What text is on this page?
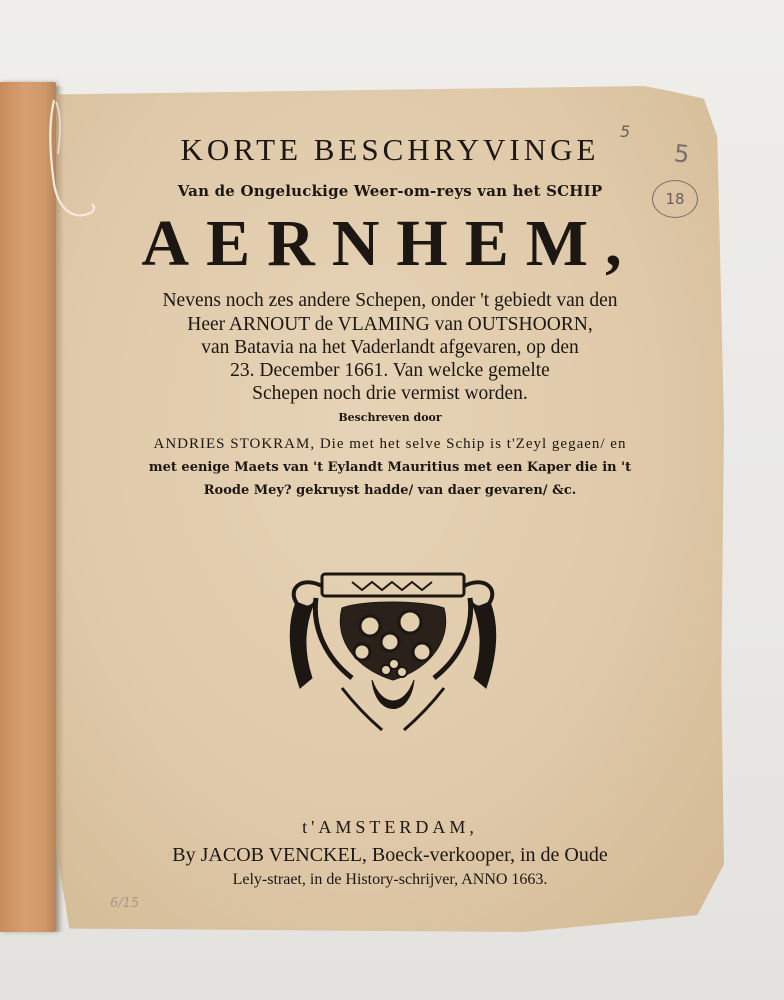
KORTE BESCHRYVINGE
Van de Ongeluckige Weer-om-reys van het SCHIP
AERNHEM,
Nevens noch zes andere Schepen, onder 't gebiedt van den
Heer ARNOUT de VLAMING van OUTSHOORN,
van Batavia na het Vaderlandt afgevaren, op den
23. December 1661. Van welcke gemelte
Schepen noch drie vermist worden.
Beschreven door
ANDRIES STOKRAM, Die met het selve Schip is t'Zeyl gegaen/ en
met eenige Maets van 't Eylandt Mauritius met een Kaper die in 't
Roode Mey? gekruyst hadde/ van daer gevaren/ &c.
t'AMSTERDAM,
By JACOB VENCKEL, Boeck-verkooper, in de Oude
Lely-straet, in de History-schrijver, ANNO 1663.
5
5
18
6/15
